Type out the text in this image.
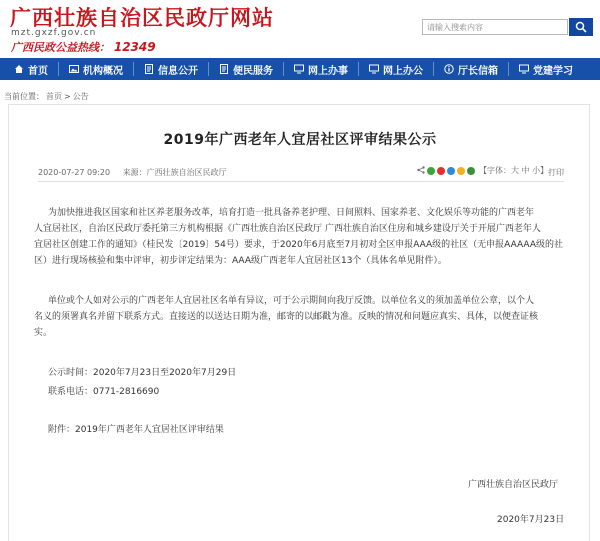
广西壮族自治区民政厅网站
mzt.gxzf.gov.cn
广西民政公益热线： 12349
请输入搜索内容
首页	机构概况	信息公开	便民服务	网上办事	网上办公	厅长信箱	党建学习
当前位置： 首页 > 公告
2019年广西老年人宜居社区评审结果公示
2020-07-27 09:20 来源：广西壮族自治区民政厅	【字体：大 中 小】 打印
为加快推进我区国家和社区养老服务改革，培育打造一批具备养老护理、日间照料、国家养老、文化娱乐等功能的广西老年
人宜居社区，自治区民政厅委托第三方机构根据《广西壮族自治区民政厅 广西壮族自治区住房和城乡建设厅关于开展广西老年人
宜居社区创建工作的通知》（桂民发〔2019〕54号）要求，于2020年6月底至7月初对全区申报AAA级的社区（无申报AAAAA级的社
区）进行现场核验和集中评审，初步评定结果为：AAA级广西老年人宜居社区13个（具体名单见附件）。
单位或个人如对公示的广西老年人宜居社区名单有异议，可于公示期间向我厅反馈。以单位名义的须加盖单位公章，以个人
名义的须署真名并留下联系方式。直接送的以送达日期为准，邮寄的以邮戳为准。反映的情况和问题应真实、具体，以便查证核
实。
公示时间：2020年7月23日至2020年7月29日
联系电话：0771-2816690
附件：2019年广西老年人宜居社区评审结果
广西壮族自治区民政厅
2020年7月23日
